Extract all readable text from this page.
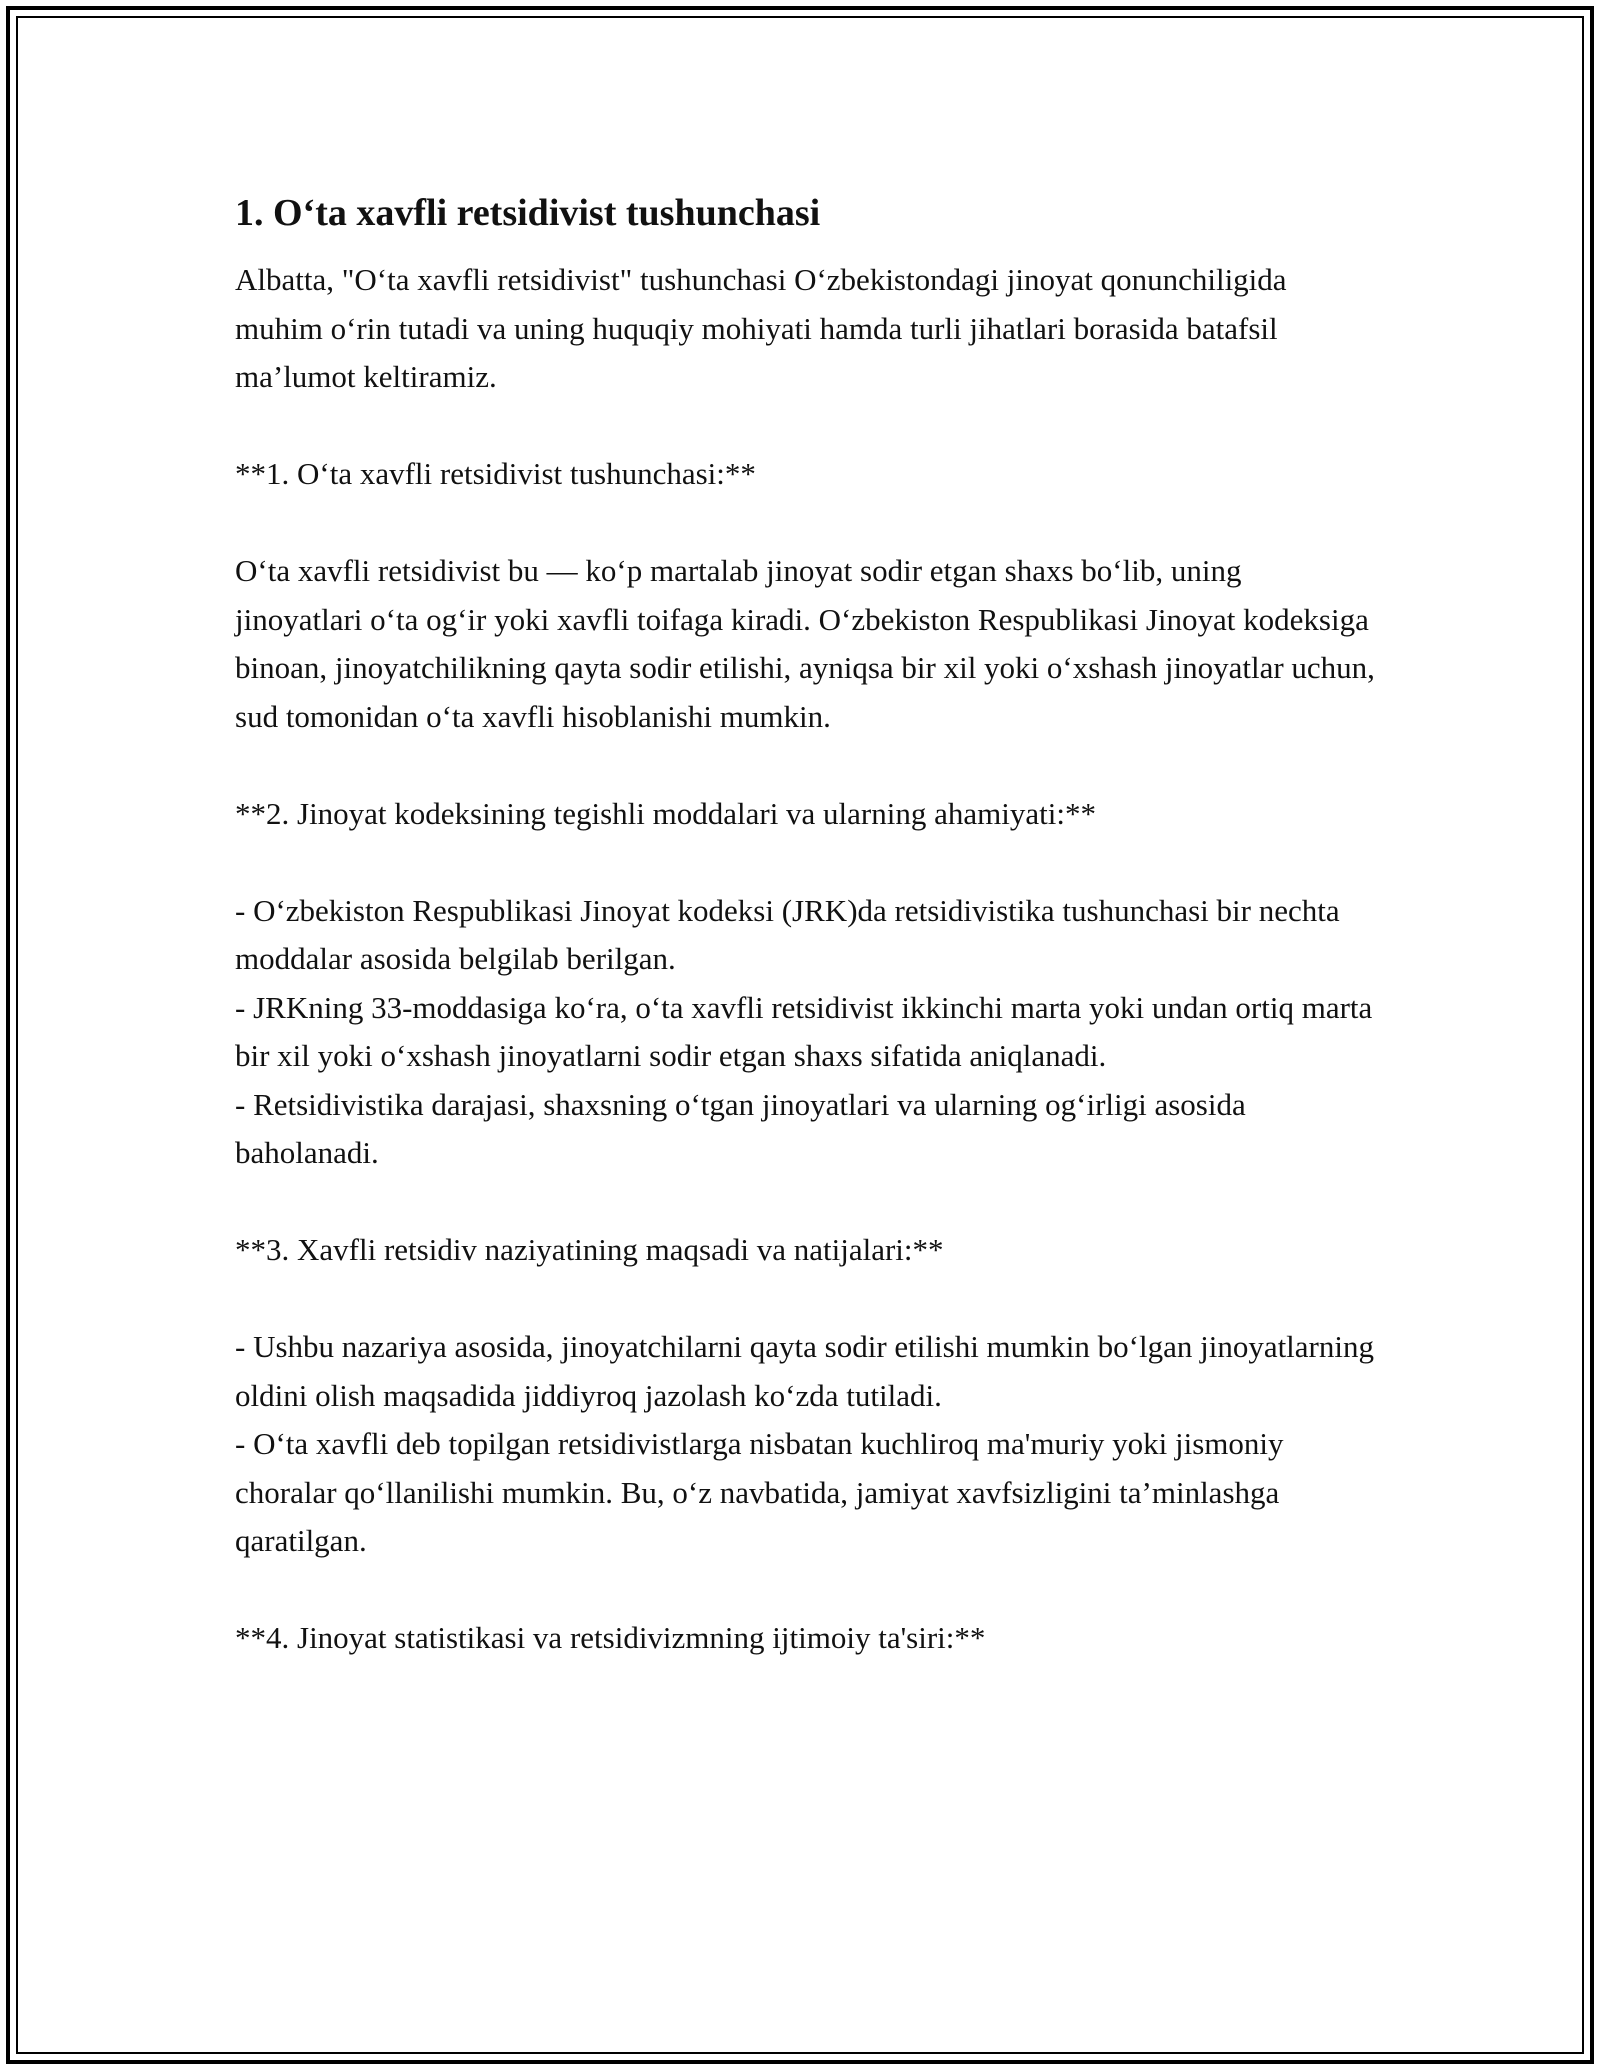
1. O‘ta xavfli retsidivist tushunchasi

Albatta, "O‘ta xavfli retsidivist" tushunchasi O‘zbekistondagi jinoyat qonunchiligida muhim o‘rin tutadi va uning huquqiy mohiyati hamda turli jihatlari borasida batafsil ma’lumot keltiramiz.

**1. O‘ta xavfli retsidivist tushunchasi:**

O‘ta xavfli retsidivist bu — ko‘p martalab jinoyat sodir etgan shaxs bo‘lib, uning jinoyatlari o‘ta og‘ir yoki xavfli toifaga kiradi. O‘zbekiston Respublikasi Jinoyat kodeksiga binoan, jinoyatchilikning qayta sodir etilishi, ayniqsa bir xil yoki o‘xshash jinoyatlar uchun, sud tomonidan o‘ta xavfli hisoblanishi mumkin.

**2. Jinoyat kodeksining tegishli moddalari va ularning ahamiyati:**

- O‘zbekiston Respublikasi Jinoyat kodeksi (JRK)da retsidivistika tushunchasi bir nechta moddalar asosida belgilab berilgan.

- JRKning 33-moddasiga ko‘ra, o‘ta xavfli retsidivist ikkinchi marta yoki undan ortiq marta bir xil yoki o‘xshash jinoyatlarni sodir etgan shaxs sifatida aniqlanadi.

- Retsidivistika darajasi, shaxsning o‘tgan jinoyatlari va ularning og‘irligi asosida baholanadi.

**3. Xavfli retsidiv naziyatining maqsadi va natijalari:**

- Ushbu nazariya asosida, jinoyatchilarni qayta sodir etilishi mumkin bo‘lgan jinoyatlarning oldini olish maqsadida jiddiyroq jazolash ko‘zda tutiladi.

- O‘ta xavfli deb topilgan retsidivistlarga nisbatan kuchliroq ma'muriy yoki jismoniy choralar qo‘llanilishi mumkin. Bu, o‘z navbatida, jamiyat xavfsizligini ta’minlashga qaratilgan.

**4. Jinoyat statistikasi va retsidivizmning ijtimoiy ta'siri:**
